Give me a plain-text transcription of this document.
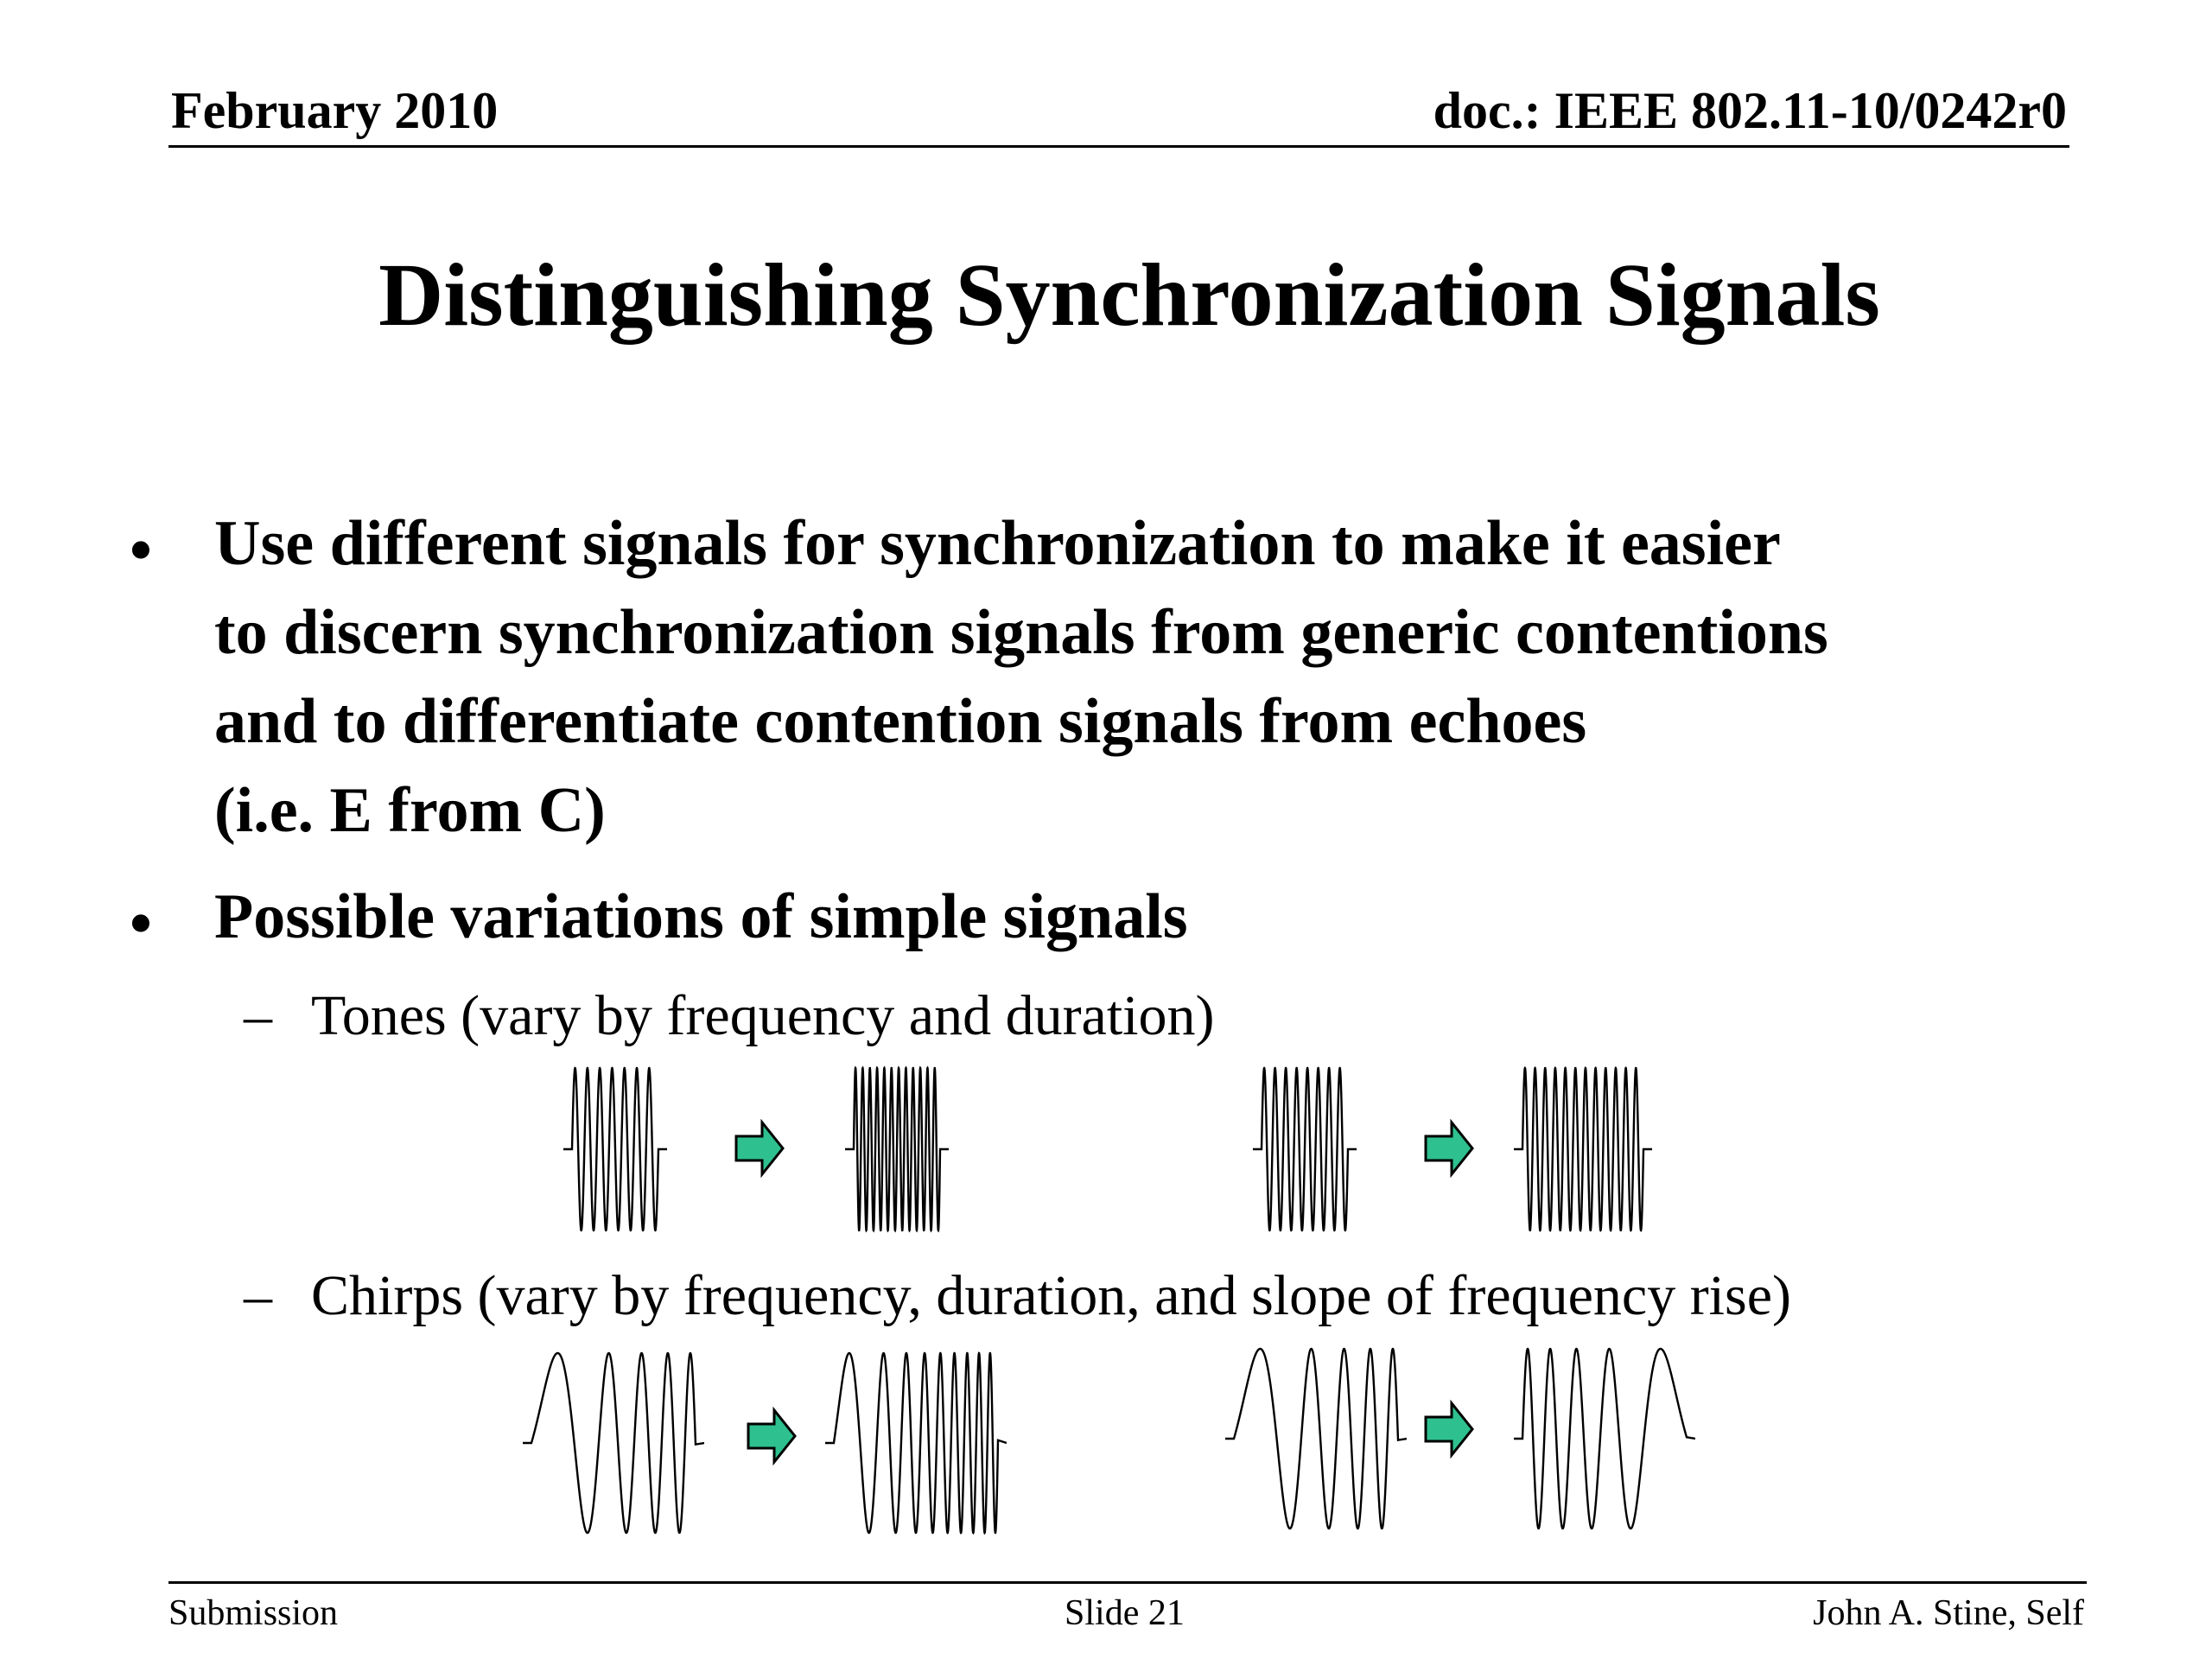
February 2010	doc.: IEEE 802.11-10/0242r0
Distinguishing Synchronization Signals
• Use different signals for synchronization to make it easier
to discern synchronization signals from generic contentions
and to differentiate contention signals from echoes
(i.e. E from C)
• Possible variations of simple signals
– Tones (vary by frequency and duration)
– Chirps (vary by frequency, duration, and slope of frequency rise)
Submission	Slide 21	John A. Stine, Self
